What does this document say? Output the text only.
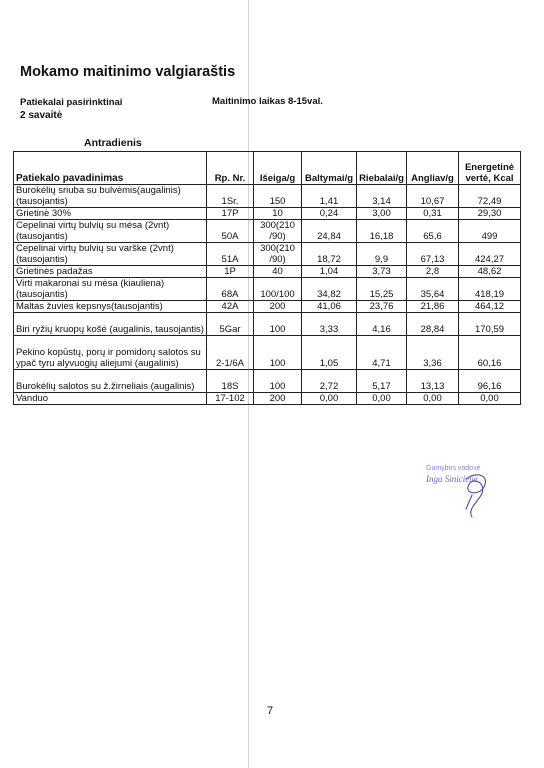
Mokamo maitinimo valgiaraštis
Patiekalai pasirinktinai
2 savaitė
Maitinimo laikas 8-15val.
Antradienis
Patiekalo pavadinimas	Rp. Nr.	Išeiga/g	Baltymai/g	Riebalai/g	Angliav/g	Energetinė vertė, Kcal
Burokėlių sriuba su bulvėmis(augalinis)(tausojantis)	1Sr.	150	1,41	3,14	10,67	72,49
Grietinė 30%	17P	10	0,24	3,00	0,31	29,30
Cepelinai virtų bulvių su mėsa (2vnt)(tausojantis)	50A	300(210 /90)	24,84	16,18	65,6	499
Cepelinai virtų bulvių su varške (2vnt)(tausojantis)	51A	300(210 /90)	18,72	9,9	67,13	424,27
Grietinės padažas	1P	40	1,04	3,73	2,8	48,62
Virti makaronai su mėsa (kiauliena)(tausojantis)	68A	100/100	34,82	15,25	35,64	418,19
Maltas žuvies kepsnys(tausojantis)	42A	200	41,06	23,76	21,86	464,12
Biri ryžių kruopų košė (augalinis, tausojantis)	5Gar	100	3,33	4,16	28,84	170,59
Pekino kopūstų, porų ir pomidorų salotos su ypač tyru alyvuogių aliejumi (augalinis)	2-1/6A	100	1,05	4,71	3,36	60,16
Burokėlių salotos su ž.žirneliais (augalinis)	18S	100	2,72	5,17	13,13	96,16
Vanduo	17-102	200	0,00	0,00	0,00	0,00
Gamybos vadovė
Inga Siniciene
7
